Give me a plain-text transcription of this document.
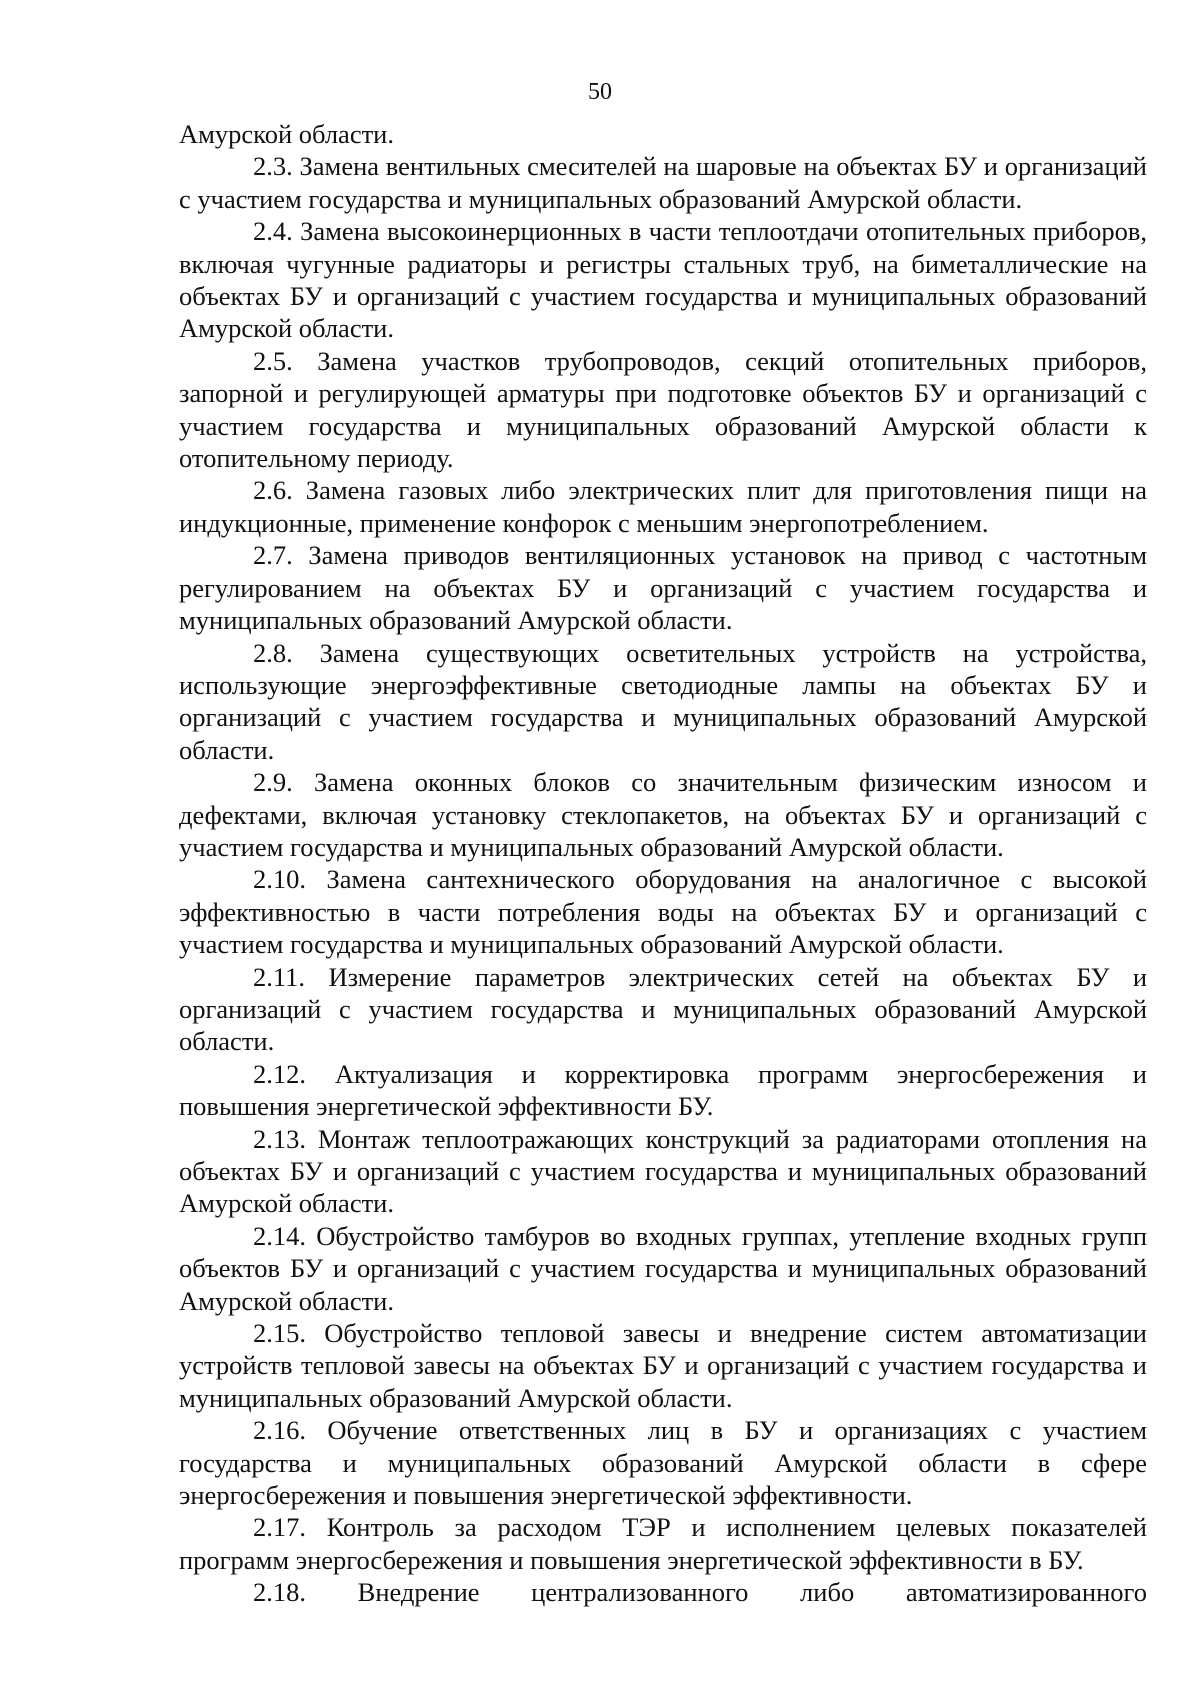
50

Амурской области.

2.3. Замена вентильных смесителей на шаровые на объектах БУ и организаций с участием государства и муниципальных образований Амурской области.

2.4. Замена высокоинерционных в части теплоотдачи отопительных приборов, включая чугунные радиаторы и регистры стальных труб, на биметаллические на объектах БУ и организаций с участием государства и муниципальных образований Амурской области.

2.5. Замена участков трубопроводов, секций отопительных приборов, запорной и регулирующей арматуры при подготовке объектов БУ и организаций с участием государства и муниципальных образований Амурской области к отопительному периоду.

2.6. Замена газовых либо электрических плит для приготовления пищи на индукционные, применение конфорок с меньшим энергопотреблением.

2.7. Замена приводов вентиляционных установок на привод с частотным регулированием на объектах БУ и организаций с участием государства и муниципальных образований Амурской области.

2.8. Замена существующих осветительных устройств на устройства, использующие энергоэффективные светодиодные лампы на объектах БУ и организаций с участием государства и муниципальных образований Амурской области.

2.9. Замена оконных блоков со значительным физическим износом и дефектами, включая установку стеклопакетов, на объектах БУ и организаций с участием государства и муниципальных образований Амурской области.

2.10. Замена сантехнического оборудования на аналогичное с высокой эффективностью в части потребления воды на объектах БУ и организаций с участием государства и муниципальных образований Амурской области.

2.11. Измерение параметров электрических сетей на объектах БУ и организаций с участием государства и муниципальных образований Амурской области.

2.12. Актуализация и корректировка программ энергосбережения и повышения энергетической эффективности БУ.

2.13. Монтаж теплоотражающих конструкций за радиаторами отопления на объектах БУ и организаций с участием государства и муниципальных образований Амурской области.

2.14. Обустройство тамбуров во входных группах, утепление входных групп объектов БУ и организаций с участием государства и муниципальных образований Амурской области.

2.15. Обустройство тепловой завесы и внедрение систем автоматизации устройств тепловой завесы на объектах БУ и организаций с участием государства и муниципальных образований Амурской области.

2.16. Обучение ответственных лиц в БУ и организациях с участием государства и муниципальных образований Амурской области в сфере энергосбережения и повышения энергетической эффективности.

2.17. Контроль за расходом ТЭР и исполнением целевых показателей программ энергосбережения и повышения энергетической эффективности в БУ.

2.18. Внедрение централизованного либо автоматизированного
